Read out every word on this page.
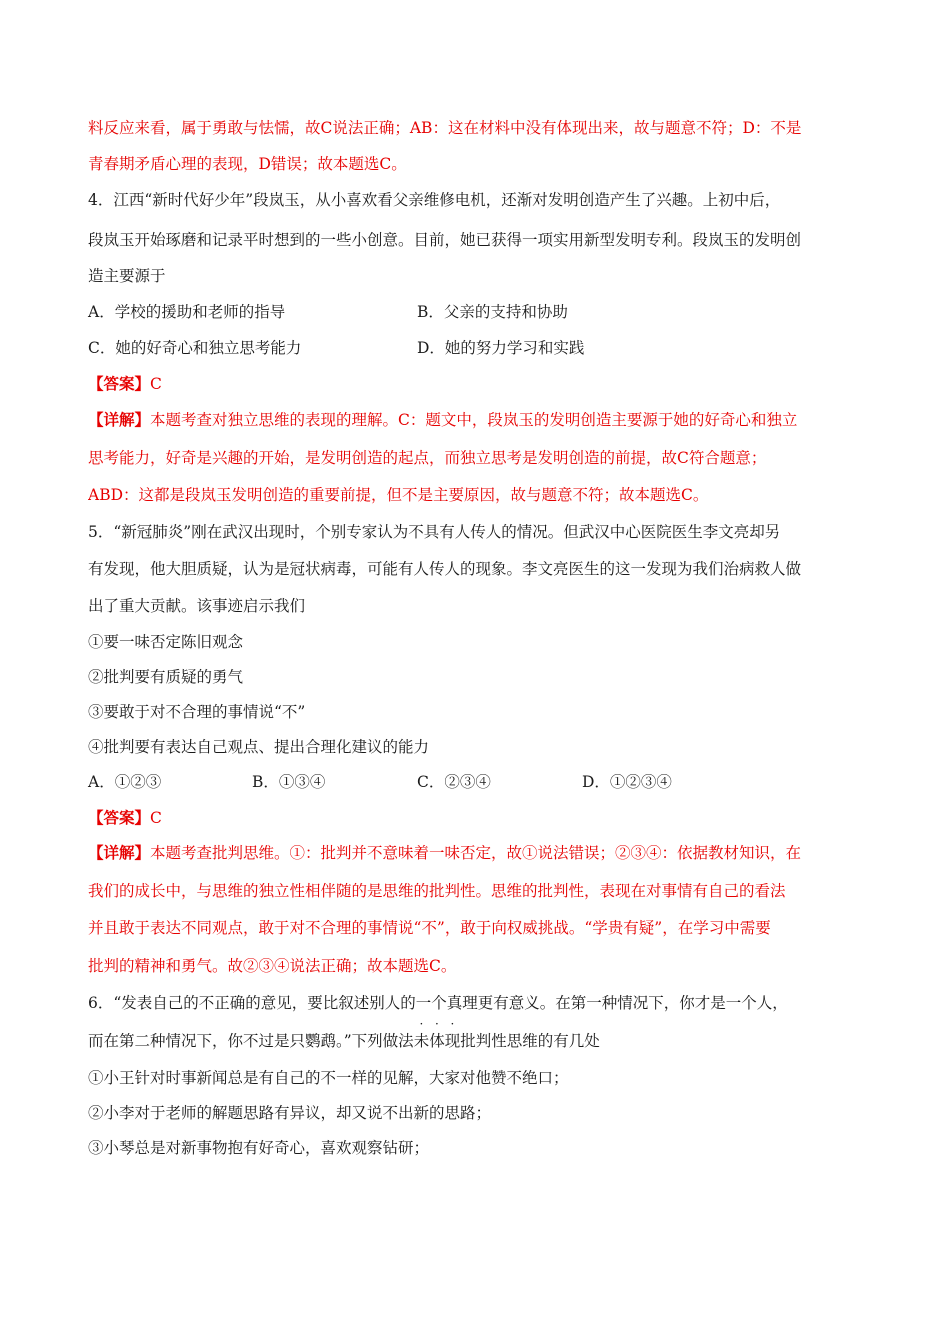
料反应来看，属于勇敢与怯懦，故C说法正确；AB：这在材料中没有体现出来，故与题意不符；D：不是
青春期矛盾心理的表现，D错误；故本题选C。
4．江西“新时代好少年”段岚玉，从小喜欢看父亲维修电机，还渐对发明创造产生了兴趣。上初中后，
段岚玉开始琢磨和记录平时想到的一些小创意。目前，她已获得一项实用新型发明专利。段岚玉的发明创
造主要源于
A．学校的援助和老师的指导	B．父亲的支持和协助
C．她的好奇心和独立思考能力	D．她的努力学习和实践
【答案】C
【详解】本题考查对独立思维的表现的理解。C：题文中，段岚玉的发明创造主要源于她的好奇心和独立
思考能力，好奇是兴趣的开始，是发明创造的起点，而独立思考是发明创造的前提，故C符合题意；
ABD：这都是段岚玉发明创造的重要前提，但不是主要原因，故与题意不符；故本题选C。
5．“新冠肺炎”刚在武汉出现时，个别专家认为不具有人传人的情况。但武汉中心医院医生李文亮却另
有发现，他大胆质疑，认为是冠状病毒，可能有人传人的现象。李文亮医生的这一发现为我们治病救人做
出了重大贡献。该事迹启示我们
①要一味否定陈旧观念
②批判要有质疑的勇气
③要敢于对不合理的事情说“不”
④批判要有表达自己观点、提出合理化建议的能力
A．①②③	B．①③④	C．②③④	D．①②③④
【答案】C
【详解】本题考查批判思维。①：批判并不意味着一味否定，故①说法错误；②③④：依据教材知识，在
我们的成长中，与思维的独立性相伴随的是思维的批判性。思维的批判性，表现在对事情有自己的看法
并且敢于表达不同观点，敢于对不合理的事情说“不”，敢于向权威挑战。“学贵有疑”，在学习中需要
批判的精神和勇气。故②③④说法正确；故本题选C。
6．“发表自己的不正确的意见，要比叙述别人的一个真理更有意义。在第一种情况下，你才是一个人，
而在第二种情况下，你不过是只鹦鹉。”下列做法
· · ·
未体现批判性思维的有几处
①小王针对时事新闻总是有自己的不一样的见解，大家对他赞不绝口；
②小李对于老师的解题思路有异议，却又说不出新的思路；
③小琴总是对新事物抱有好奇心，喜欢观察钻研；
